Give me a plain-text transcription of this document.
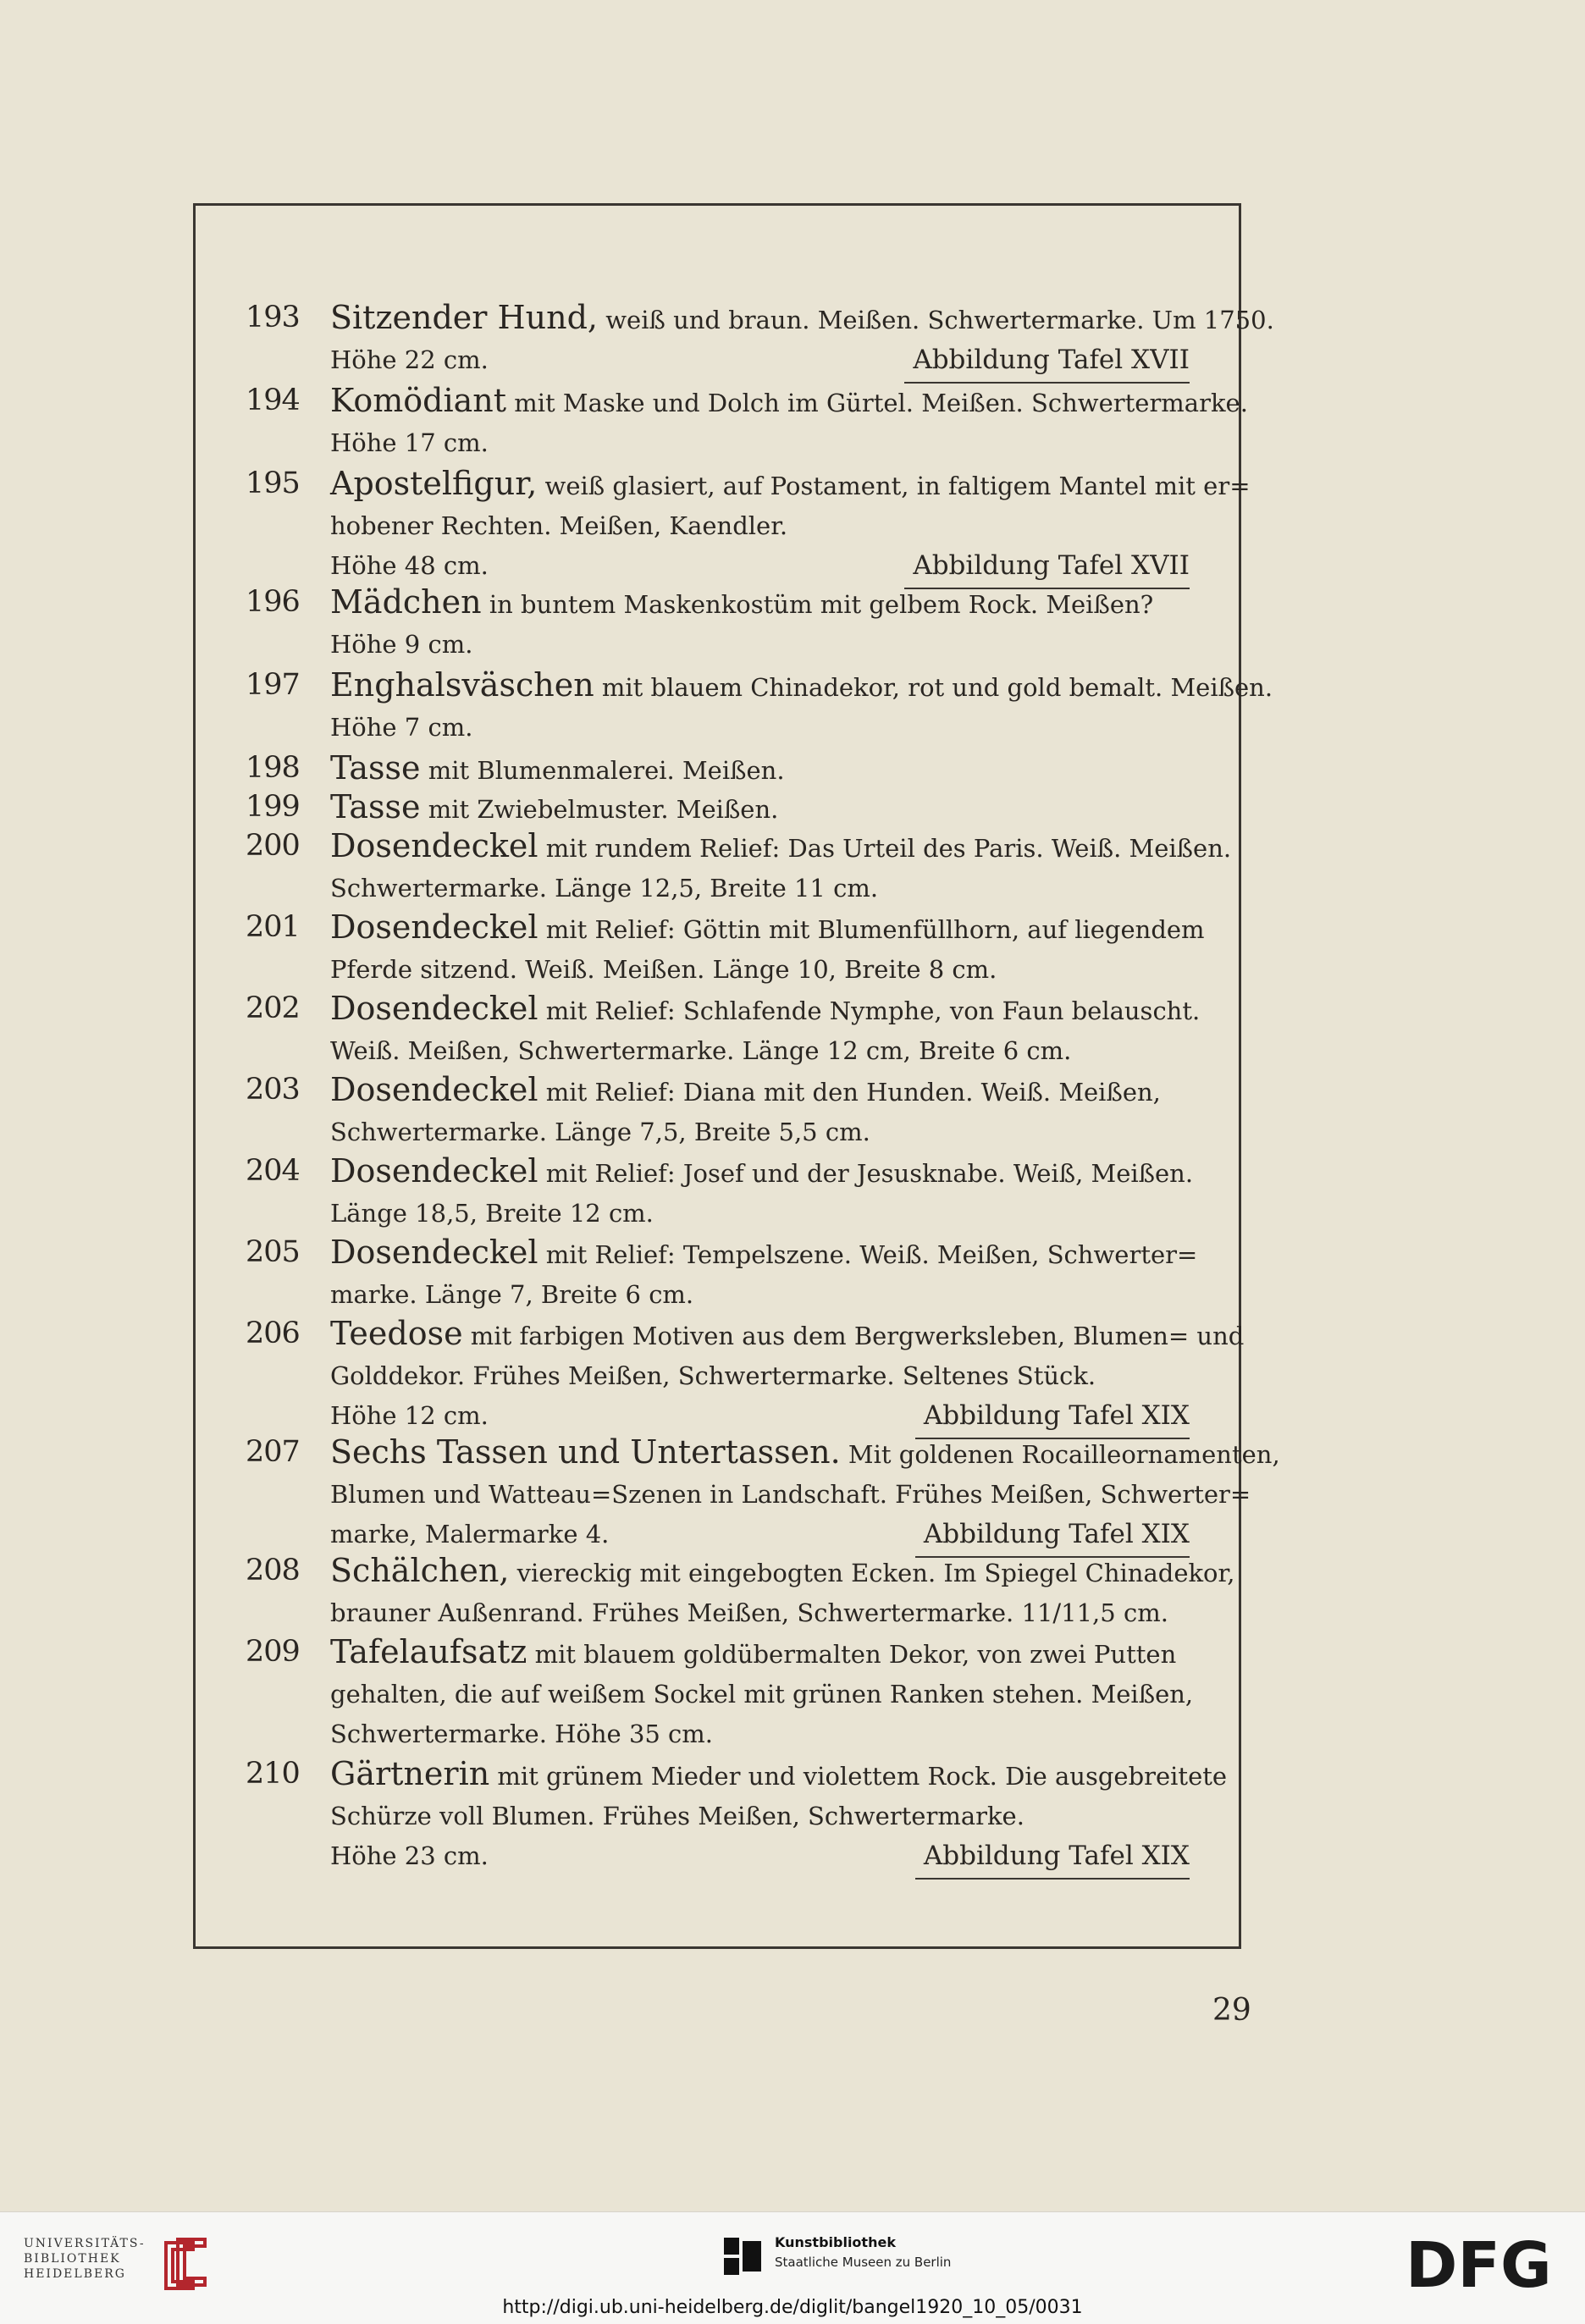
193 Sitzender Hund, weiß und braun. Meißen. Schwertermarke. Um 1750.
Höhe 22 cm.	Abbildung Tafel XVII
194 Komödiant mit Maske und Dolch im Gürtel. Meißen. Schwertermarke.
Höhe 17 cm.
195 Apostelfigur, weiß glasiert, auf Postament, in faltigem Mantel mit er=
hobener Rechten. Meißen, Kaendler.
Höhe 48 cm.	Abbildung Tafel XVII
196 Mädchen in buntem Maskenkostüm mit gelbem Rock. Meißen?
Höhe 9 cm.
197 Enghalsväschen mit blauem Chinadekor, rot und gold bemalt. Meißen.
Höhe 7 cm.
198 Tasse mit Blumenmalerei. Meißen.
199 Tasse mit Zwiebelmuster. Meißen.
200 Dosendeckel mit rundem Relief: Das Urteil des Paris. Weiß. Meißen.
Schwertermarke. Länge 12,5, Breite 11 cm.
201 Dosendeckel mit Relief: Göttin mit Blumenfüllhorn, auf liegendem
Pferde sitzend. Weiß. Meißen. Länge 10, Breite 8 cm.
202 Dosendeckel mit Relief: Schlafende Nymphe, von Faun belauscht.
Weiß. Meißen, Schwertermarke. Länge 12 cm, Breite 6 cm.
203 Dosendeckel mit Relief: Diana mit den Hunden. Weiß. Meißen,
Schwertermarke. Länge 7,5, Breite 5,5 cm.
204 Dosendeckel mit Relief: Josef und der Jesusknabe. Weiß, Meißen.
Länge 18,5, Breite 12 cm.
205 Dosendeckel mit Relief: Tempelszene. Weiß. Meißen, Schwerter=
marke. Länge 7, Breite 6 cm.
206 Teedose mit farbigen Motiven aus dem Bergwerksleben, Blumen= und
Golddekor. Frühes Meißen, Schwertermarke. Seltenes Stück.
Höhe 12 cm.	Abbildung Tafel XIX
207 Sechs Tassen und Untertassen. Mit goldenen Rocailleornamenten,
Blumen und Watteau=Szenen in Landschaft. Frühes Meißen, Schwerter=
marke, Malermarke 4.	Abbildung Tafel XIX
208 Schälchen, viereckig mit eingebogten Ecken. Im Spiegel Chinadekor,
brauner Außenrand. Frühes Meißen, Schwertermarke. 11/11,5 cm.
209 Tafelaufsatz mit blauem goldübermalten Dekor, von zwei Putten
gehalten, die auf weißem Sockel mit grünen Ranken stehen. Meißen,
Schwertermarke. Höhe 35 cm.
210 Gärtnerin mit grünem Mieder und violettem Rock. Die ausgebreitete
Schürze voll Blumen. Frühes Meißen, Schwertermarke.
Höhe 23 cm.	Abbildung Tafel XIX
29
UNIVERSITÄTS-
BIBLIOTHEK
HEIDELBERG
Kunstbibliothek
Staatliche Museen zu Berlin	DFG
http://digi.ub.uni-heidelberg.de/diglit/bangel1920_10_05/0031
